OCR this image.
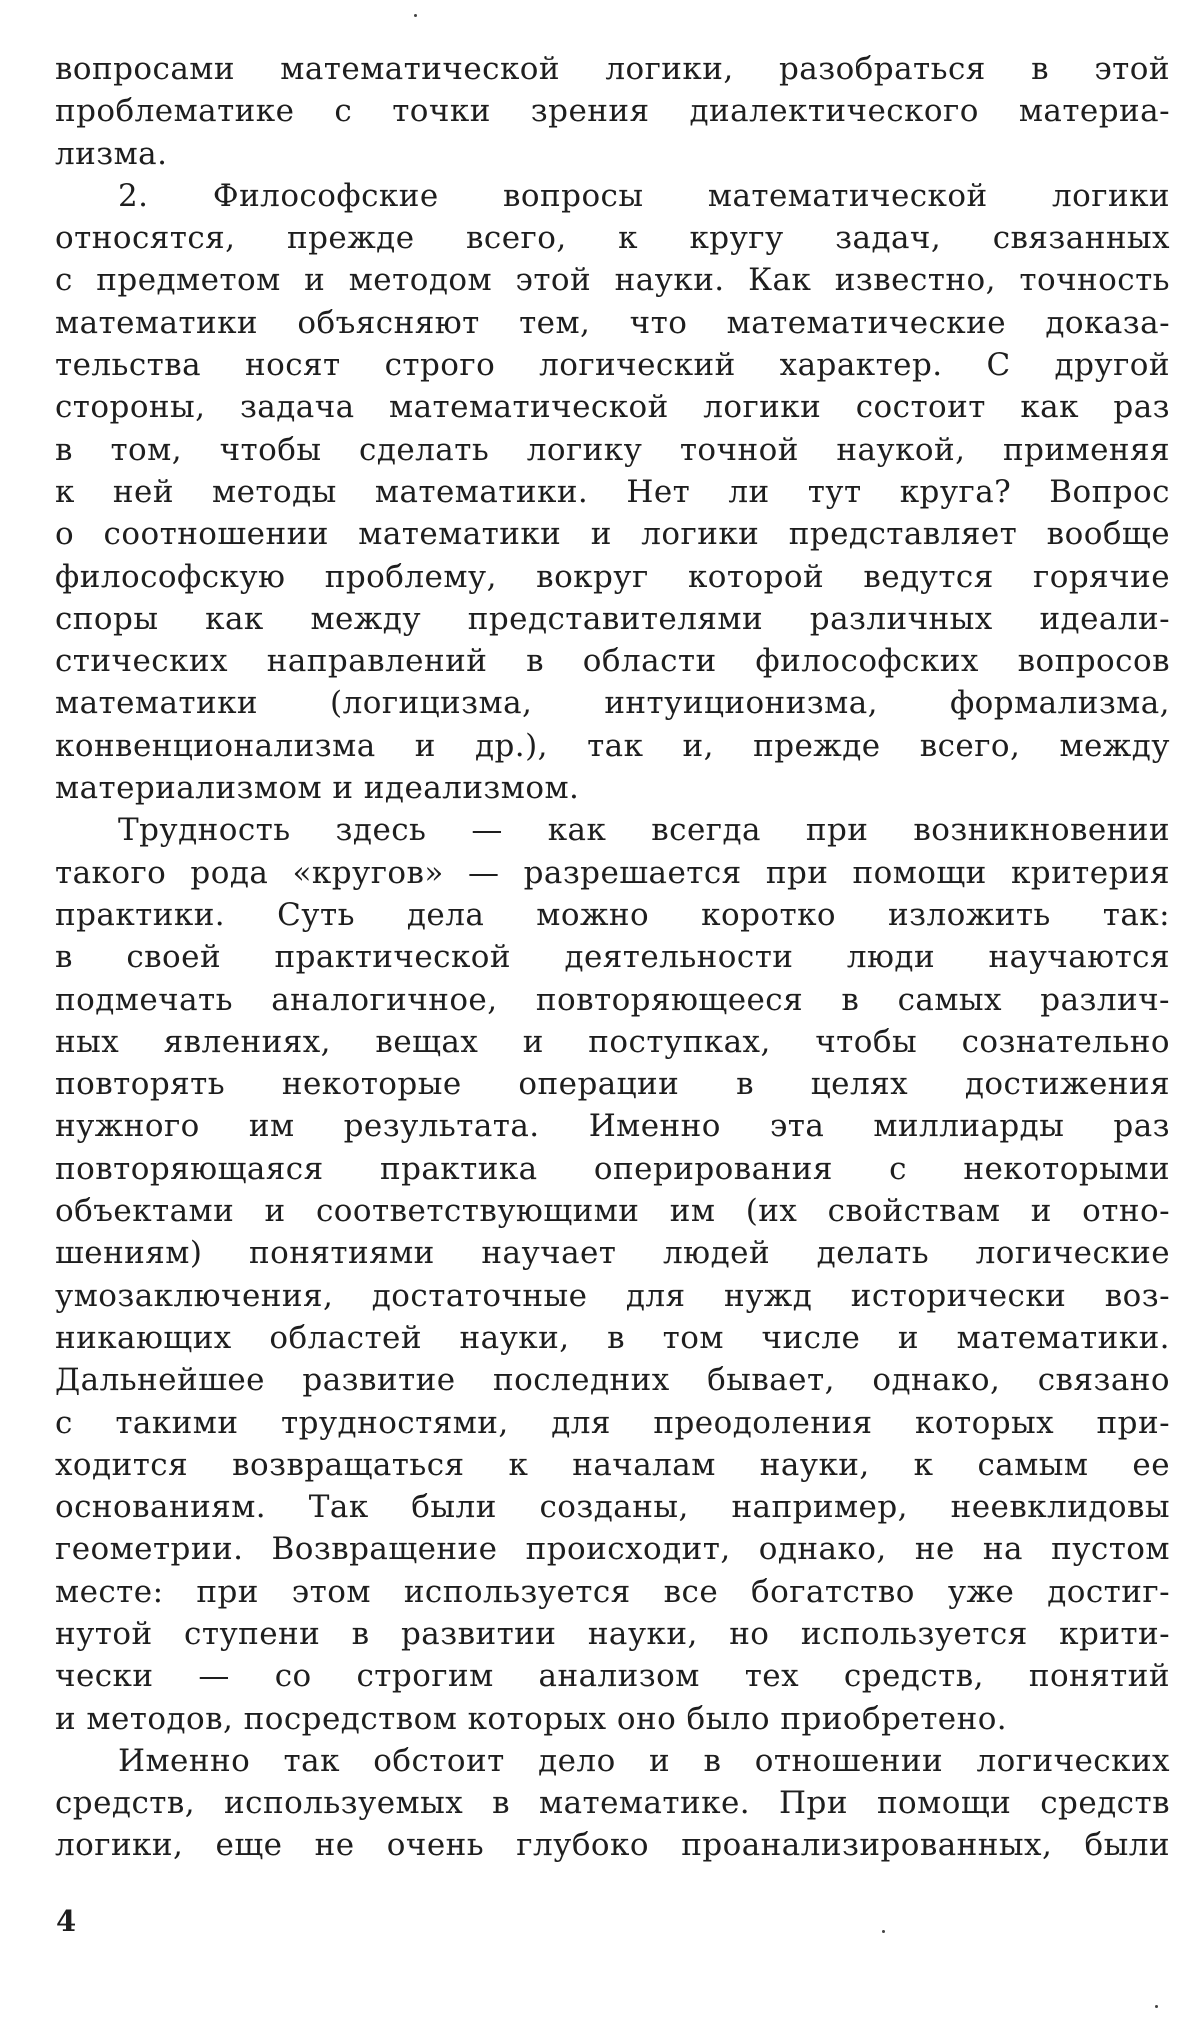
вопросами математической логики, разобраться в этой
проблематике с точки зрения диалектического материа-
лизма.
2. Философские вопросы математической логики
относятся, прежде всего, к кругу задач, связанных
с предметом и методом этой науки. Как известно, точность
математики объясняют тем, что математические доказа-
тельства носят строго логический характер. С другой
стороны, задача математической логики состоит как раз
в том, чтобы сделать логику точной наукой, применяя
к ней методы математики. Нет ли тут круга? Вопрос
о соотношении математики и логики представляет вообще
философскую проблему, вокруг которой ведутся горячие
споры как между представителями различных идеали-
стических направлений в области философских вопросов
математики (логицизма, интуиционизма, формализма,
конвенционализма и др.), так и, прежде всего, между
материализмом и идеализмом.
Трудность здесь — как всегда при возникновении
такого рода «кругов» — разрешается при помощи критерия
практики. Суть дела можно коротко изложить так:
в своей практической деятельности люди научаются
подмечать аналогичное, повторяющееся в самых различ-
ных явлениях, вещах и поступках, чтобы сознательно
повторять некоторые операции в целях достижения
нужного им результата. Именно эта миллиарды раз
повторяющаяся практика оперирования с некоторыми
объектами и соответствующими им (их свойствам и отно-
шениям) понятиями научает людей делать логические
умозаключения, достаточные для нужд исторически воз-
никающих областей науки, в том числе и математики.
Дальнейшее развитие последних бывает, однако, связано
с такими трудностями, для преодоления которых при-
ходится возвращаться к началам науки, к самым ее
основаниям. Так были созданы, например, неевклидовы
геометрии. Возвращение происходит, однако, не на пустом
месте: при этом используется все богатство уже достиг-
нутой ступени в развитии науки, но используется крити-
чески — со строгим анализом тех средств, понятий
и методов, посредством которых оно было приобретено.
Именно так обстоит дело и в отношении логических
средств, используемых в математике. При помощи средств
логики, еще не очень глубоко проанализированных, были
4
